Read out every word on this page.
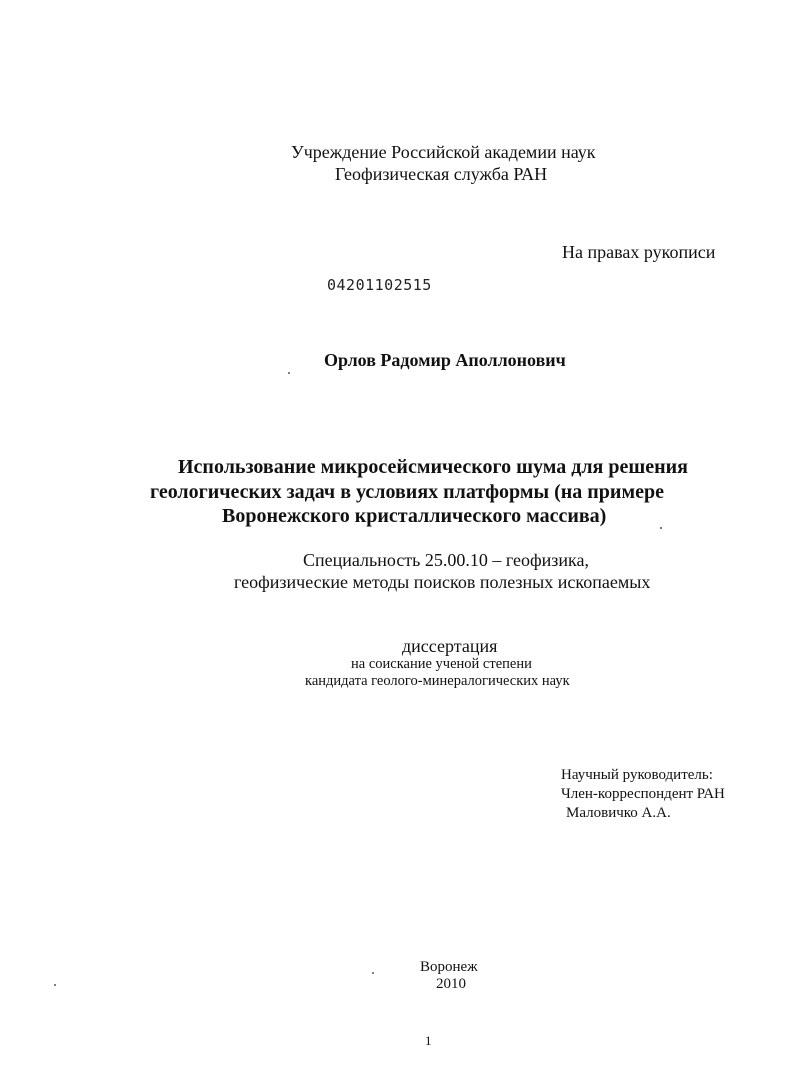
Учреждение Российской академии наук
Геофизическая служба РАН
На правах рукописи
04201102515
Орлов Радомир Аполлонович
Использование микросейсмического шума для решения
геологических задач в условиях платформы (на примере
Воронежского кристаллического массива)
Специальность 25.00.10 – геофизика,
геофизические методы поисков полезных ископаемых
диссертация
на соискание ученой степени
кандидата геолого-минералогических наук
Научный руководитель:
Член-корреспондент РАН
Маловичко А.А.
Воронеж
2010
1
